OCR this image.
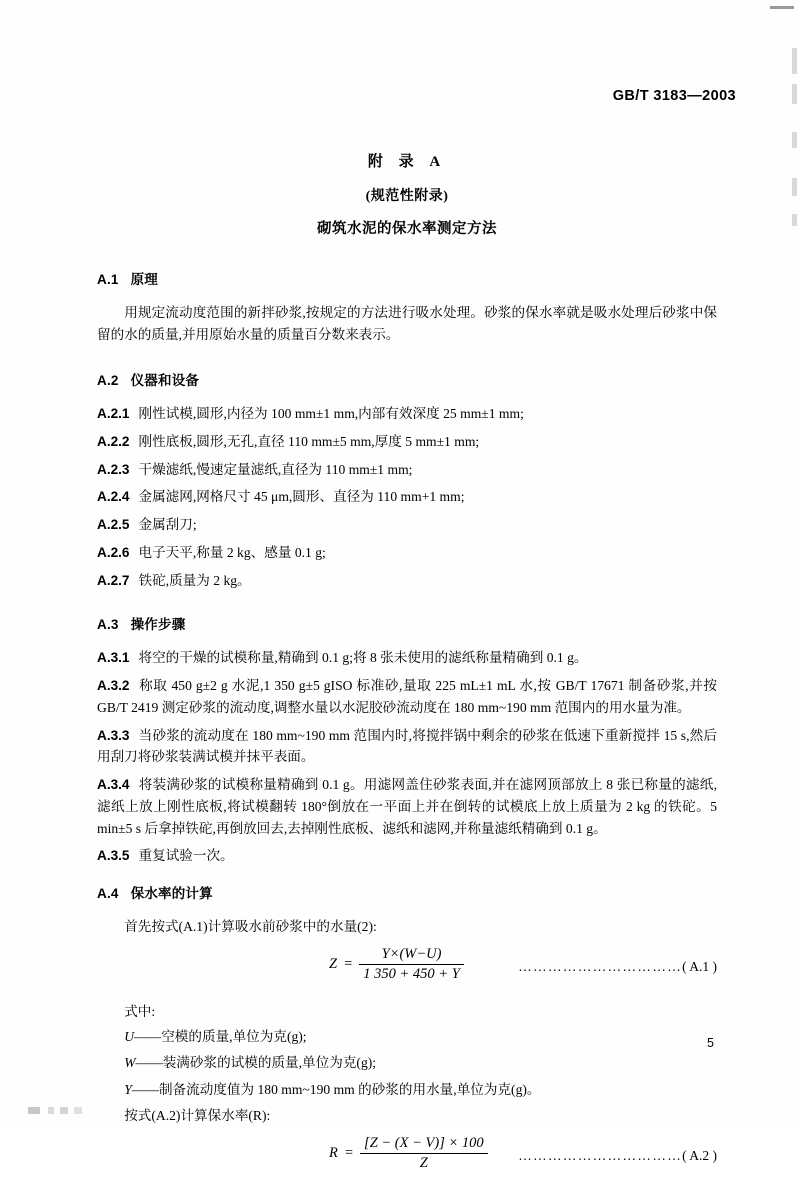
GB/T 3183—2003
附 录 A
(规范性附录)
砌筑水泥的保水率测定方法
A.1 原理

用规定流动度范围的新拌砂浆,按规定的方法进行吸水处理。砂浆的保水率就是吸水处理后砂浆中保留的水的质量,并用原始水量的质量百分数来表示。

A.2 仪器和设备

A.2.1 刚性试模,圆形,内径为 100 mm±1 mm,内部有效深度 25 mm±1 mm;

A.2.2 刚性底板,圆形,无孔,直径 110 mm±5 mm,厚度 5 mm±1 mm;

A.2.3 干燥滤纸,慢速定量滤纸,直径为 110 mm±1 mm;

A.2.4 金属滤网,网格尺寸 45 μm,圆形、直径为 110 mm+1 mm;

A.2.5 金属刮刀;

A.2.6 电子天平,称量 2 kg、感量 0.1 g;

A.2.7 铁砣,质量为 2 kg。

A.3 操作步骤

A.3.1 将空的干燥的试模称量,精确到 0.1 g;将 8 张未使用的滤纸称量精确到 0.1 g。

A.3.2 称取 450 g±2 g 水泥,1 350 g±5 gISO 标准砂,量取 225 mL±1 mL 水,按 GB/T 17671 制备砂浆,并按 GB/T 2419 测定砂浆的流动度,调整水量以水泥胶砂流动度在 180 mm~190 mm 范围内的用水量为准。

A.3.3 当砂浆的流动度在 180 mm~190 mm 范围内时,将搅拌锅中剩余的砂浆在低速下重新搅拌 15 s,然后用刮刀将砂浆装满试模并抹平表面。

A.3.4 将装满砂浆的试模称量精确到 0.1 g。用滤网盖住砂浆表面,并在滤网顶部放上 8 张已称量的滤纸,滤纸上放上刚性底板,将试模翻转 180°倒放在一平面上并在倒转的试模底上放上质量为 2 kg 的铁砣。5 min±5 s 后拿掉铁砣,再倒放回去,去掉刚性底板、滤纸和滤网,并称量滤纸精确到 0.1 g。

A.3.5 重复试验一次。

A.4 保水率的计算

首先按式(A.1)计算吸水前砂浆中的水量(2):

$Z = \frac{Y\times(W-U)}{1 350 + 450 + Y}$	……………………………( A.1 )

式中:

U——空模的质量,单位为克(g);

W——装满砂浆的试模的质量,单位为克(g);

Y——制备流动度值为 180 mm~190 mm 的砂浆的用水量,单位为克(g)。

按式(A.2)计算保水率(R):

$R = \frac{[Z - (X - V)] \times 100}{Z}$ ……………………………( A.2 )
5
